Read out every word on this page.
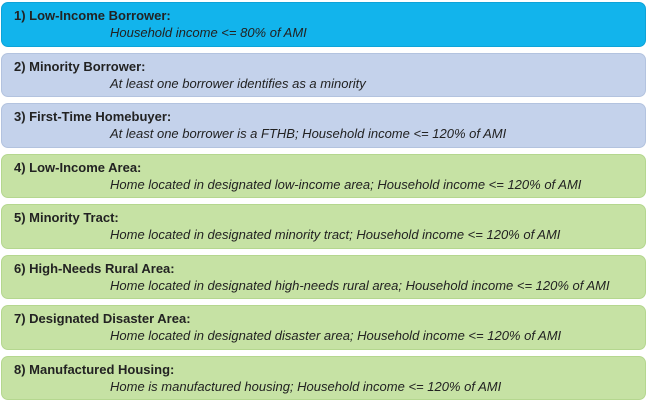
1) Low-Income Borrower:
Household income <= 80% of AMI
2) Minority Borrower:
At least one borrower identifies as a minority
3) First-Time Homebuyer:
At least one borrower is a FTHB; Household income <= 120% of AMI
4) Low-Income Area:
Home located in designated low-income area; Household income <= 120% of AMI
5) Minority Tract:
Home located in designated minority tract; Household income <= 120% of AMI
6) High-Needs Rural Area:
Home located in designated high-needs rural area; Household income <= 120% of AMI
7) Designated Disaster Area:
Home located in designated disaster area; Household income <= 120% of AMI
8) Manufactured Housing:
Home is manufactured housing; Household income <= 120% of AMI
